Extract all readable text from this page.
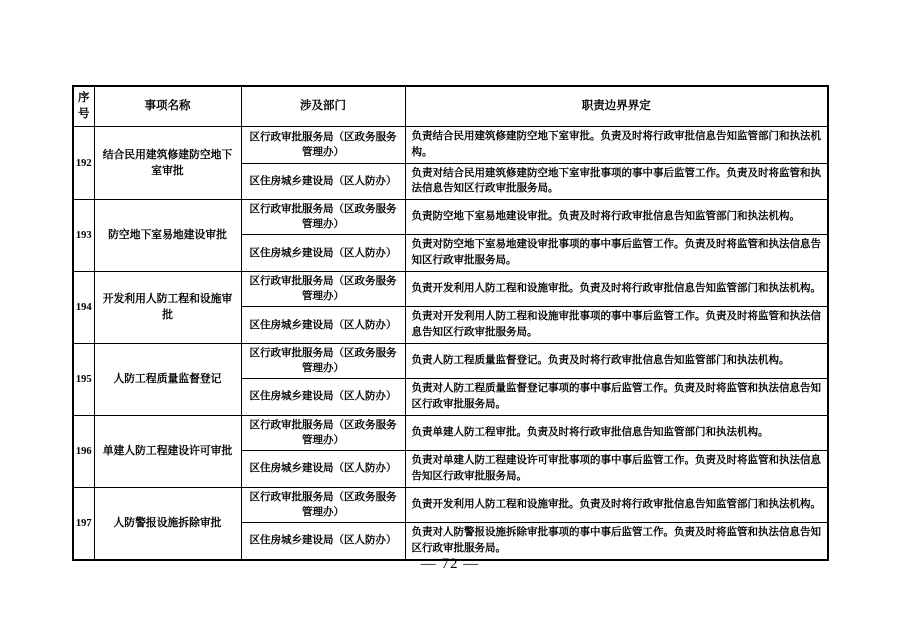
序号	事项名称	涉及部门	职责边界界定
192	结合民用建筑修建防空地下室审批	区行政审批服务局（区政务服务管理办）	负责结合民用建筑修建防空地下室审批。负责及时将行政审批信息告知监管部门和执法机构。
		区住房城乡建设局（区人防办）	负责对结合民用建筑修建防空地下室审批事项的事中事后监管工作。负责及时将监管和执法信息告知区行政审批服务局。
193	防空地下室易地建设审批	区行政审批服务局（区政务服务管理办）	负责防空地下室易地建设审批。负责及时将行政审批信息告知监管部门和执法机构。
		区住房城乡建设局（区人防办）	负责对防空地下室易地建设审批事项的事中事后监管工作。负责及时将监管和执法信息告知区行政审批服务局。
194	开发利用人防工程和设施审批	区行政审批服务局（区政务服务管理办）	负责开发利用人防工程和设施审批。负责及时将行政审批信息告知监管部门和执法机构。
		区住房城乡建设局（区人防办）	负责对开发利用人防工程和设施审批事项的事中事后监管工作。负责及时将监管和执法信息告知区行政审批服务局。
195	人防工程质量监督登记	区行政审批服务局（区政务服务管理办）	负责人防工程质量监督登记。负责及时将行政审批信息告知监管部门和执法机构。
		区住房城乡建设局（区人防办）	负责对人防工程质量监督登记事项的事中事后监管工作。负责及时将监管和执法信息告知区行政审批服务局。
196	单建人防工程建设许可审批	区行政审批服务局（区政务服务管理办）	负责单建人防工程审批。负责及时将行政审批信息告知监管部门和执法机构。
		区住房城乡建设局（区人防办）	负责对单建人防工程建设许可审批事项的事中事后监管工作。负责及时将监管和执法信息告知区行政审批服务局。
197	人防警报设施拆除审批	区行政审批服务局（区政务服务管理办）	负责开发利用人防工程和设施审批。负责及时将行政审批信息告知监管部门和执法机构。
		区住房城乡建设局（区人防办）	负责对人防警报设施拆除审批事项的事中事后监管工作。负责及时将监管和执法信息告知区行政审批服务局。
— 72 —
